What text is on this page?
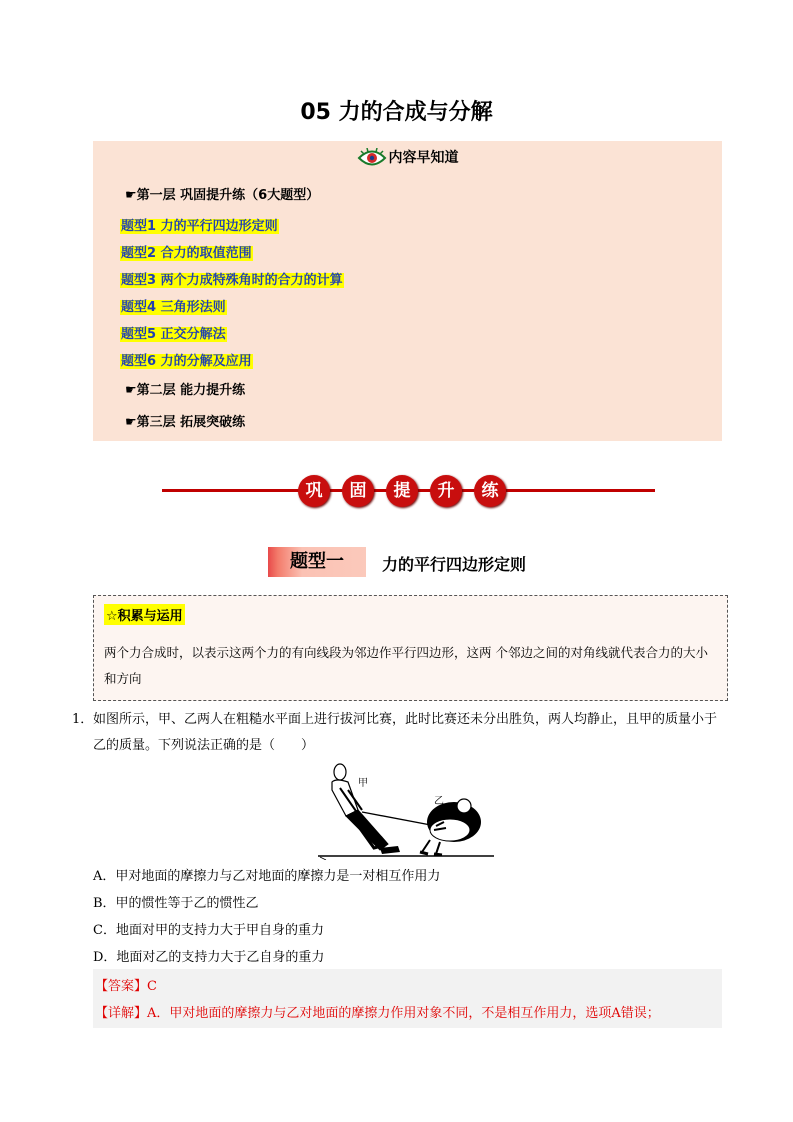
05 力的合成与分解
内容早知道
☛第一层 巩固提升练（6大题型）
题型1 力的平行四边形定则
题型2 合力的取值范围
题型3 两个力成特殊角时的合力的计算
题型4 三角形法则
题型5 正交分解法
题型6 力的分解及应用
☛第二层 能力提升练
☛第三层 拓展突破练
巩	固	提	升	练
题型一	力的平行四边形定则
☆积累与运用
两个力合成时，以表示这两个力的有向线段为邻边作平行四边形，这两 个邻边之间的对角线就代表合力的大小和方向
1． 如图所示，甲、乙两人在粗糙水平面上进行拔河比赛，此时比赛还未分出胜负，两人均静止，且甲的质量小于乙的质量。下列说法正确的是（　　）
甲
乙
A．甲对地面的摩擦力与乙对地面的摩擦力是一对相互作用力
B．甲的惯性等于乙的惯性乙
C．地面对甲的支持力大于甲自身的重力
D．地面对乙的支持力大于乙自身的重力
【答案】C
【详解】A．甲对地面的摩擦力与乙对地面的摩擦力作用对象不同，不是相互作用力，选项A错误；
